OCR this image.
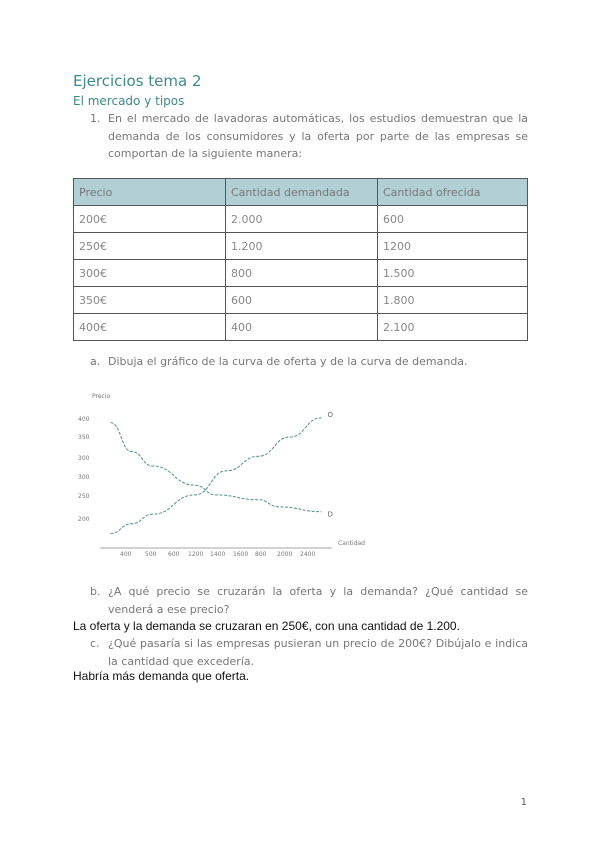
Ejercicios tema 2
El mercado y tipos
1. En el mercado de lavadoras automáticas, los estudios demuestran que la
demanda de los consumidores y la oferta por parte de las empresas se
comportan de la siguiente manera:
Precio	Cantidad demandada	Cantidad ofrecida
200€	2.000	600
250€	1.200	1200
300€	800	1.500
350€	600	1.800
400€	400	2.100
a. Dibuja el gráfico de la curva de oferta y de la curva de demanda.
Precio
Cantidad
400
350
300
300
250
200
400 500 600 1200 1400 1600 800 2000 2400
D
O
b. ¿A qué precio se cruzarán la oferta y la demanda? ¿Qué cantidad se
venderá a ese precio?
La oferta y la demanda se cruzaran en 250€, con una cantidad de 1.200.
c. ¿Qué pasaría si las empresas pusieran un precio de 200€? Dibújalo e indica
la cantidad que excedería.
Habría más demanda que oferta.
1
